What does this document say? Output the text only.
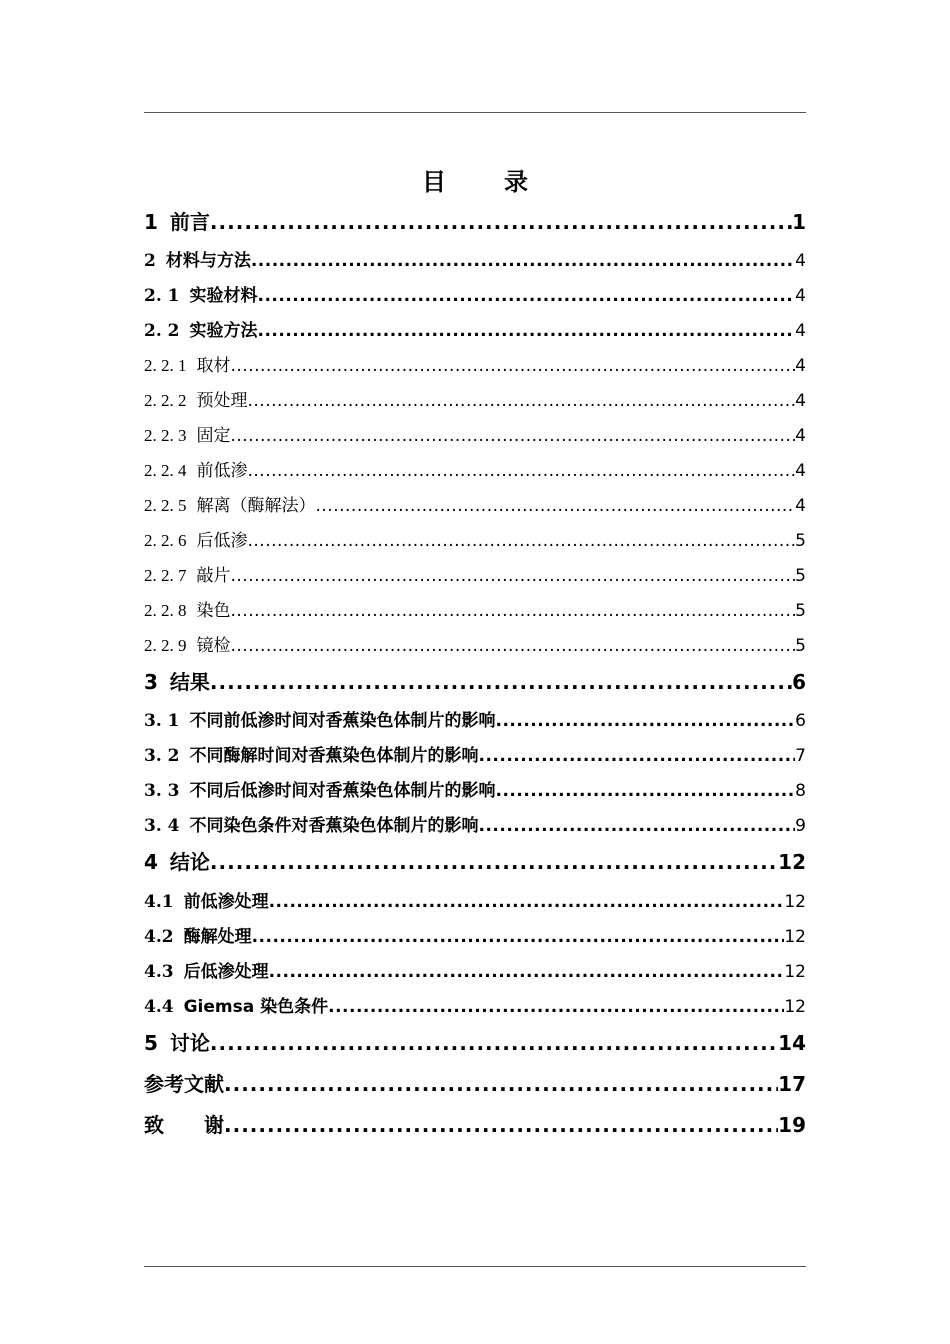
目 录
1 前言 .....	1
2 材料与方法 .....	4
2. 1 实验材料 .....	4
2. 2 实验方法 .....	4
2. 2. 1 取材 .....	4
2. 2. 2 预处理 .....	4
2. 2. 3 固定 .....	4
2. 2. 4 前低渗 .....	4
2. 2. 5 解离（酶解法） .....	4
2. 2. 6 后低渗 .....	5
2. 2. 7 敲片 .....	5
2. 2. 8 染色 .....	5
2. 2. 9 镜检 .....	5
3 结果 .....	6
3. 1 不同前低渗时间对香蕉染色体制片的影响 .....	6
3. 2 不同酶解时间对香蕉染色体制片的影响 .....	7
3. 3 不同后低渗时间对香蕉染色体制片的影响 .....	8
3. 4 不同染色条件对香蕉染色体制片的影响 .....	9
4 结论 .....	12
4.1 前低渗处理 .....	12
4.2 酶解处理 .....	12
4.3 后低渗处理 .....	12
4.4 Giemsa 染色条件 .....	12
5 讨论 .....	14
参考文献 .....	17
致　　谢 .....	19
